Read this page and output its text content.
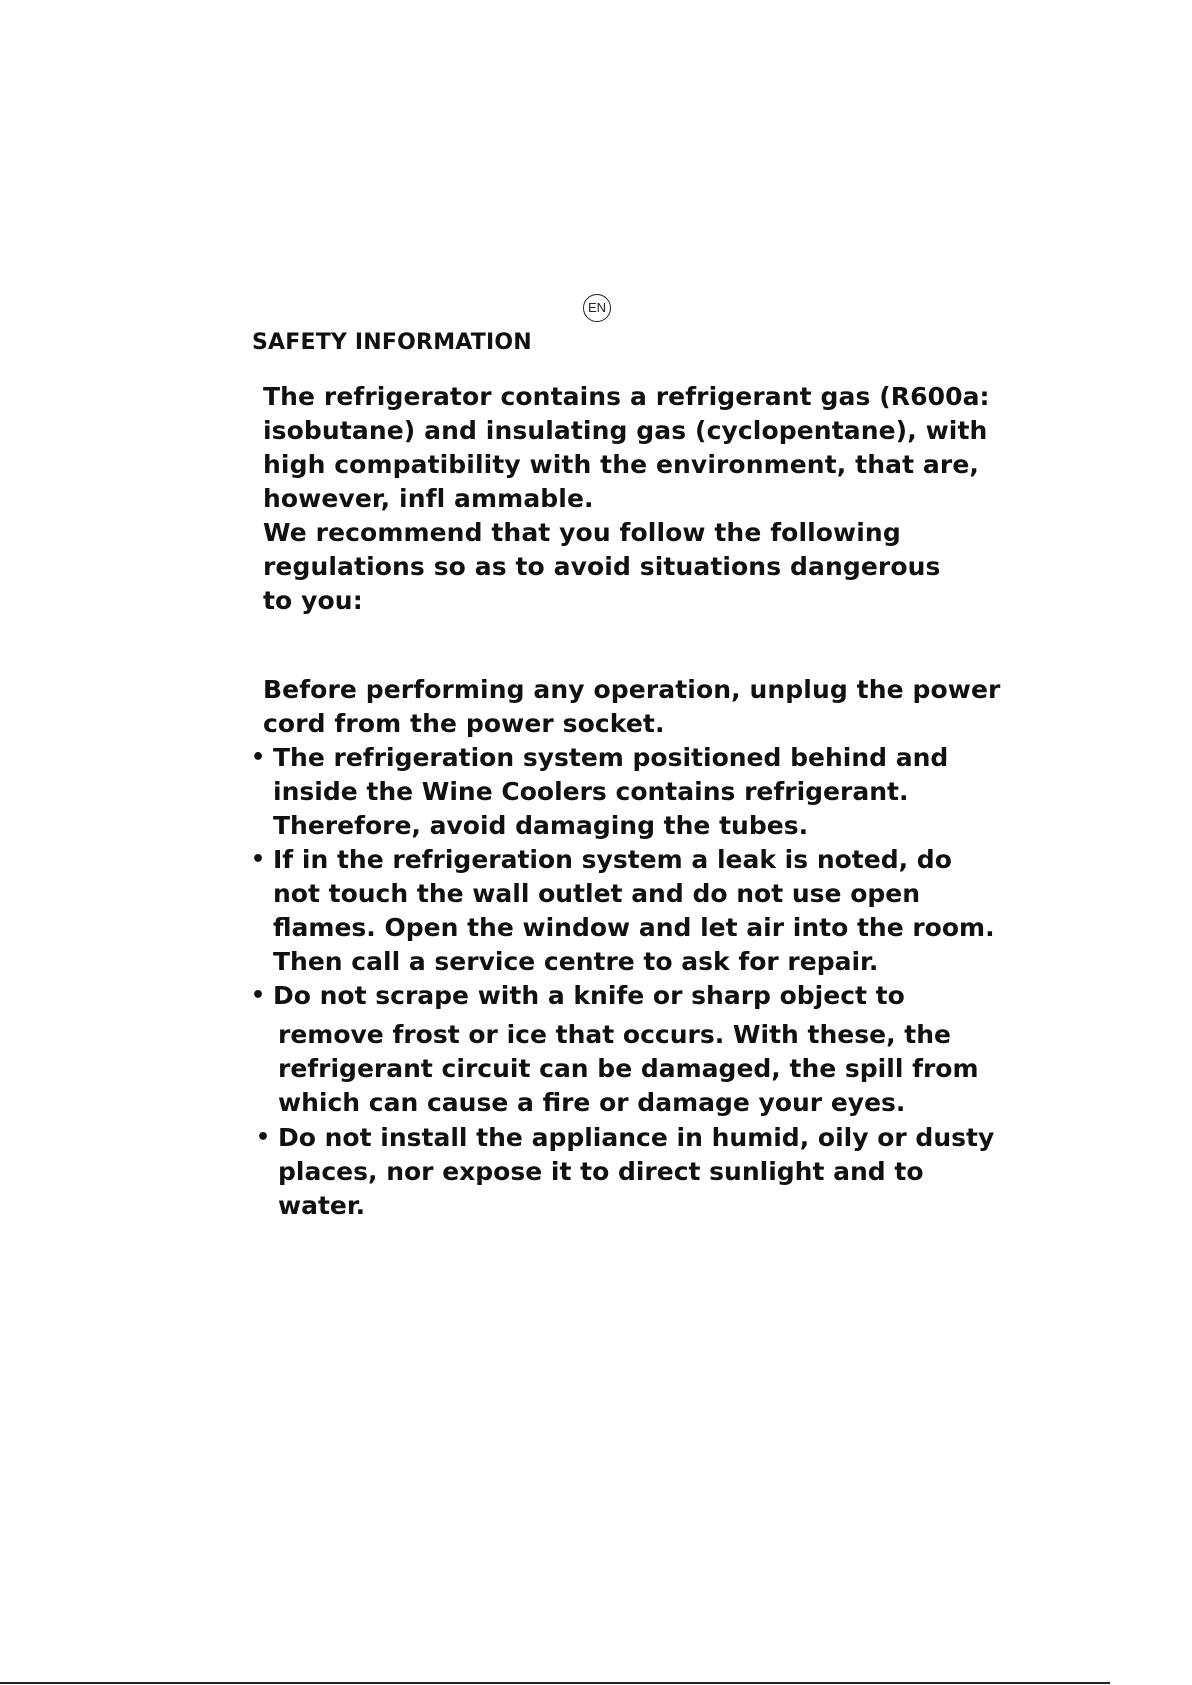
EN
SAFETY INFORMATION
The refrigerator contains a refrigerant gas (R600a:
isobutane) and insulating gas (cyclopentane), with
high compatibility with the environment, that are,
however, infl ammable.
We recommend that you follow the following
regulations so as to avoid situations dangerous
to you:
Before performing any operation, unplug the power
cord from the power socket.
• The refrigeration system positioned behind and
inside the Wine Coolers contains refrigerant.
Therefore, avoid damaging the tubes.
• If in the refrigeration system a leak is noted, do
not touch the wall outlet and do not use open
flames. Open the window and let air into the room.
Then call a service centre to ask for repair.
• Do not scrape with a knife or sharp object to
remove frost or ice that occurs. With these, the
refrigerant circuit can be damaged, the spill from
which can cause a fire or damage your eyes.
• Do not install the appliance in humid, oily or dusty
places, nor expose it to direct sunlight and to
water.
